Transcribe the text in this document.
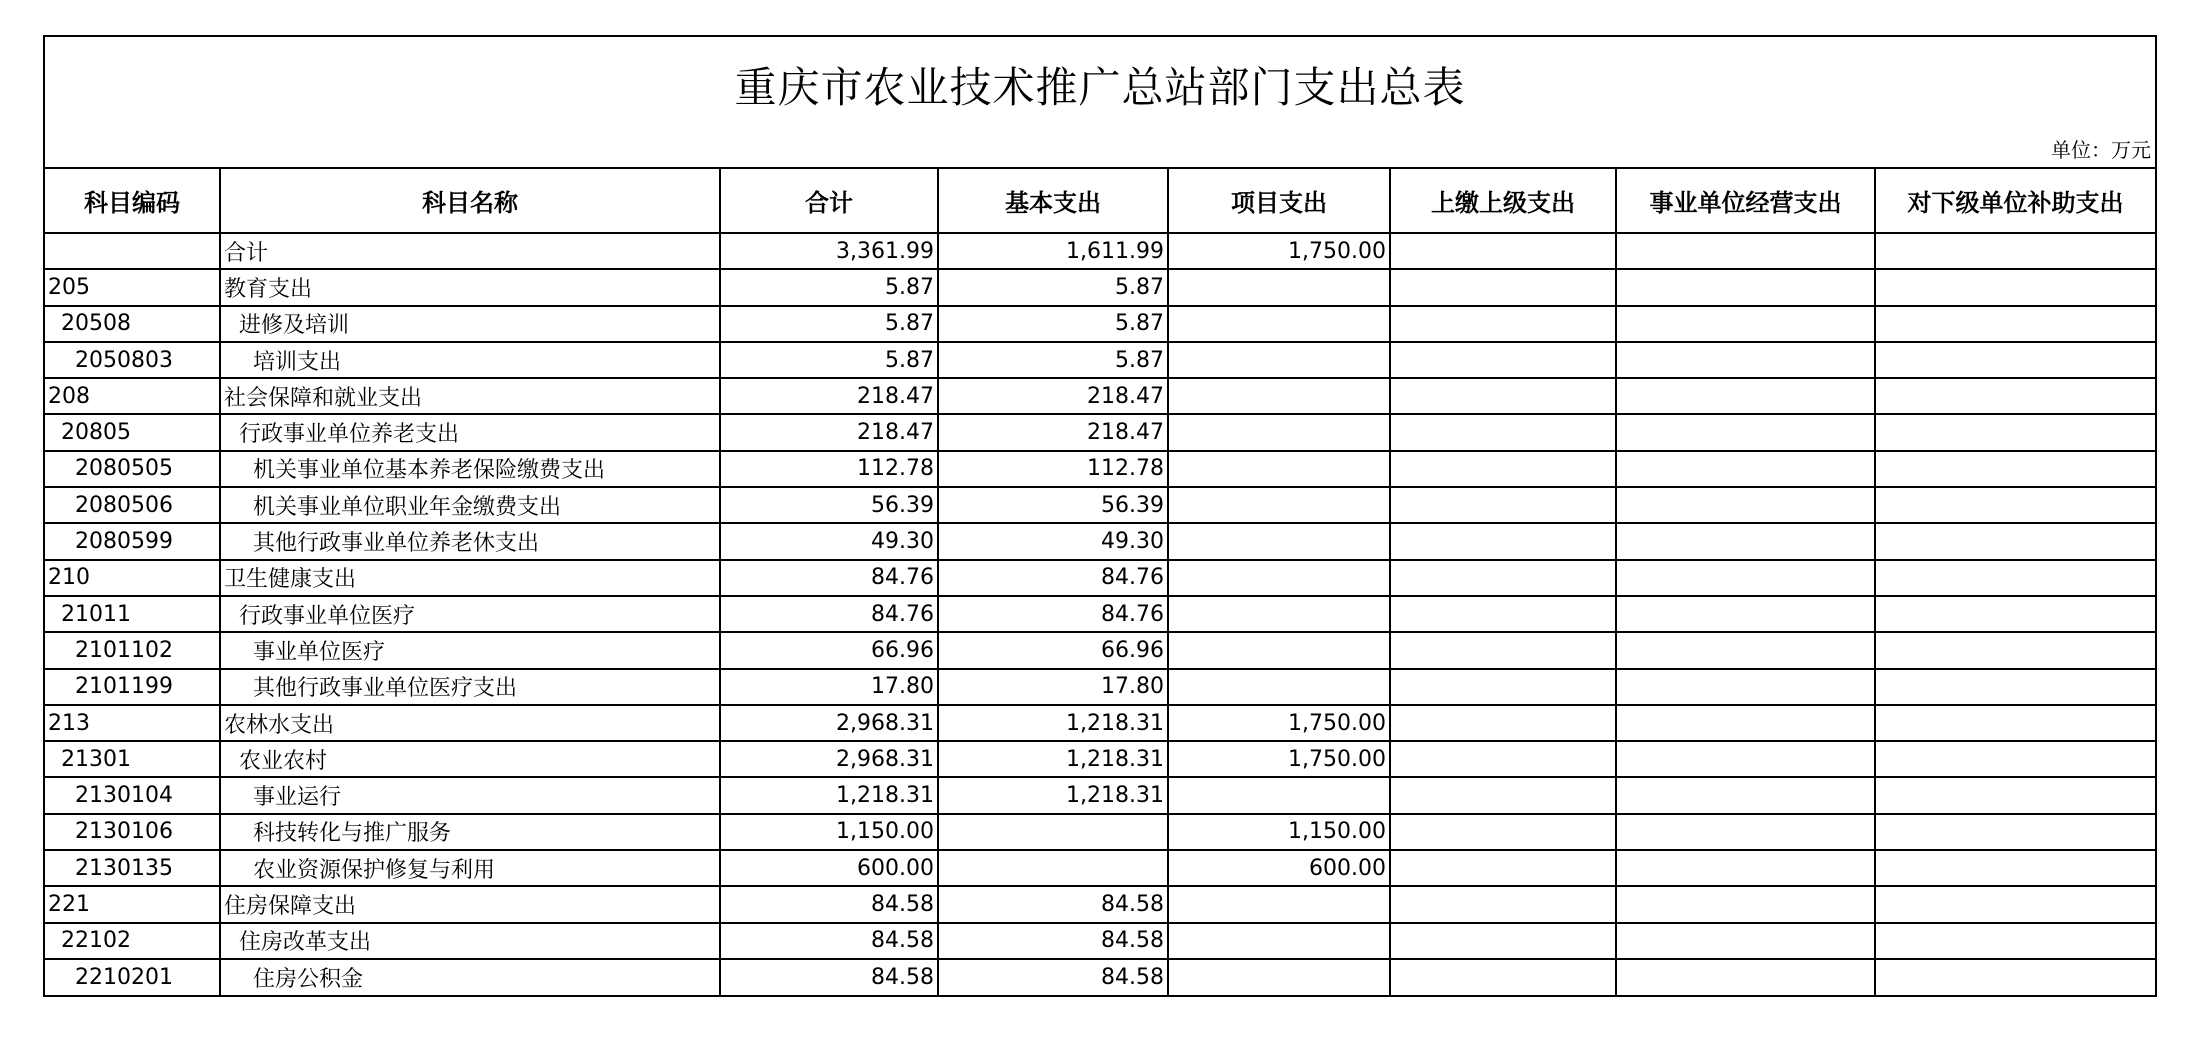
重庆市农业技术推广总站部门支出总表
单位：万元
科目编码	科目名称	合计	基本支出	项目支出	上缴上级支出	事业单位经营支出	对下级单位补助支出
	合计	3,361.99	1,611.99	1,750.00			
205	教育支出	5.87	5.87				
20508	进修及培训	5.87	5.87				
2050803	培训支出	5.87	5.87				
208	社会保障和就业支出	218.47	218.47				
20805	行政事业单位养老支出	218.47	218.47				
2080505	机关事业单位基本养老保险缴费支出	112.78	112.78				
2080506	机关事业单位职业年金缴费支出	56.39	56.39				
2080599	其他行政事业单位养老休支出	49.30	49.30				
210	卫生健康支出	84.76	84.76				
21011	行政事业单位医疗	84.76	84.76				
2101102	事业单位医疗	66.96	66.96				
2101199	其他行政事业单位医疗支出	17.80	17.80				
213	农林水支出	2,968.31	1,218.31	1,750.00			
21301	农业农村	2,968.31	1,218.31	1,750.00			
2130104	事业运行	1,218.31	1,218.31				
2130106	科技转化与推广服务	1,150.00		1,150.00			
2130135	农业资源保护修复与利用	600.00		600.00			
221	住房保障支出	84.58	84.58				
22102	住房改革支出	84.58	84.58				
2210201	住房公积金	84.58	84.58				
